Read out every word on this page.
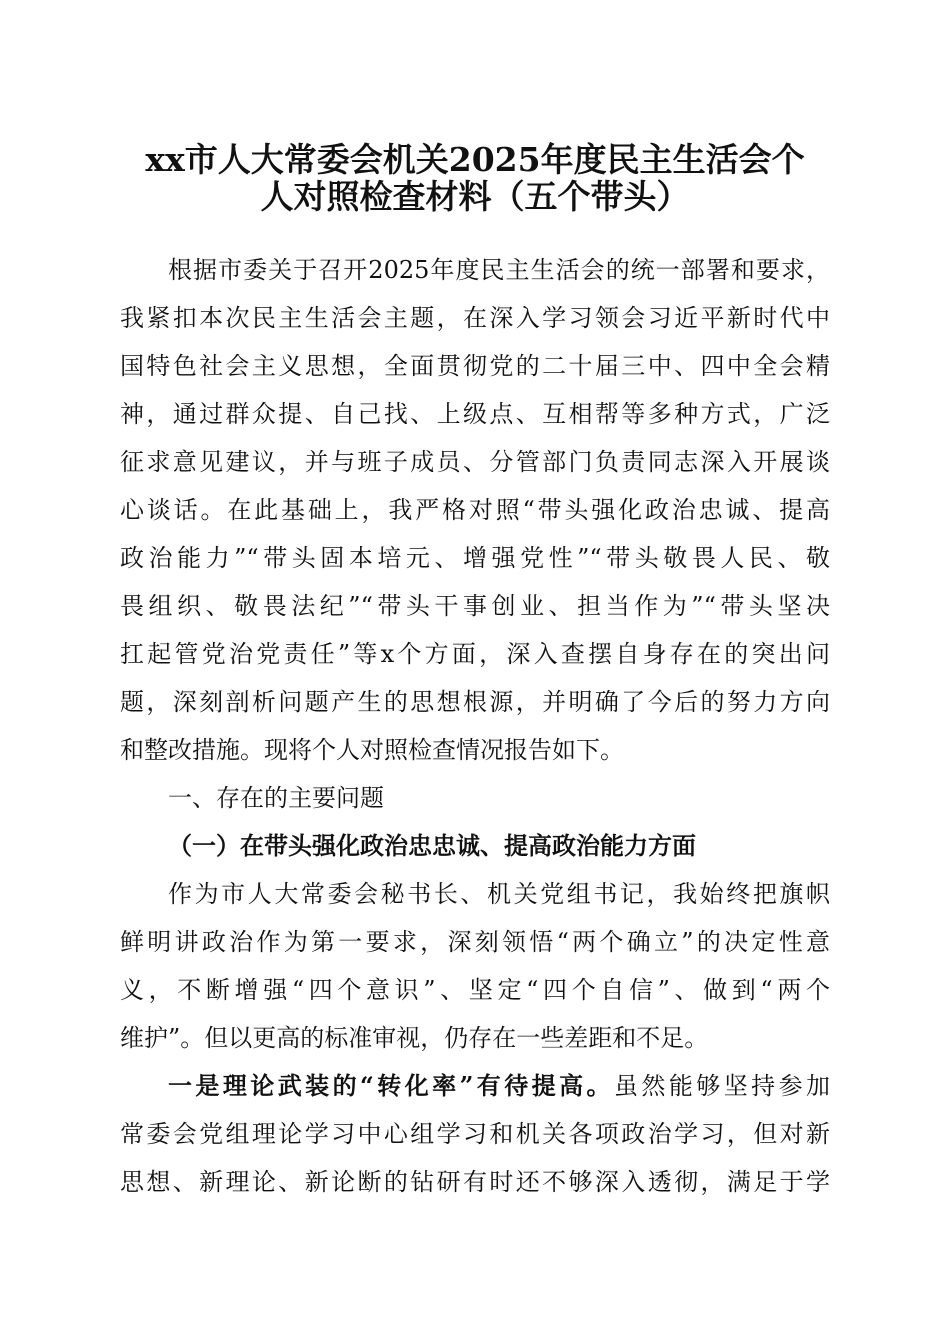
xx市人大常委会机关2025年度民主生活会个
人对照检查材料（五个带头）
根据市委关于召开2025年度民主生活会的统一部署和要求，
我紧扣本次民主生活会主题，在深入学习领会习近平新时代中
国特色社会主义思想，全面贯彻党的二十届三中、四中全会精
神，通过群众提、自己找、上级点、互相帮等多种方式，广泛
征求意见建议，并与班子成员、分管部门负责同志深入开展谈
心谈话。在此基础上，我严格对照“带头强化政治忠诚、提高
政治能力”“带头固本培元、增强党性”“带头敬畏人民、敬
畏组织、敬畏法纪”“带头干事创业、担当作为”“带头坚决
扛起管党治党责任”等x个方面，深入查摆自身存在的突出问
题，深刻剖析问题产生的思想根源，并明确了今后的努力方向
和整改措施。现将个人对照检查情况报告如下。
一、存在的主要问题
（一）在带头强化政治忠忠诚、提高政治能力方面
作为市人大常委会秘书长、机关党组书记，我始终把旗帜
鲜明讲政治作为第一要求，深刻领悟“两个确立”的决定性意
义，不断增强“四个意识”、坚定“四个自信”、做到“两个
维护”。但以更高的标准审视，仍存在一些差距和不足。
一是理论武装的“转化率”有待提高。虽然能够坚持参加
常委会党组理论学习中心组学习和机关各项政治学习，但对新
思想、新理论、新论断的钻研有时还不够深入透彻，满足于学
